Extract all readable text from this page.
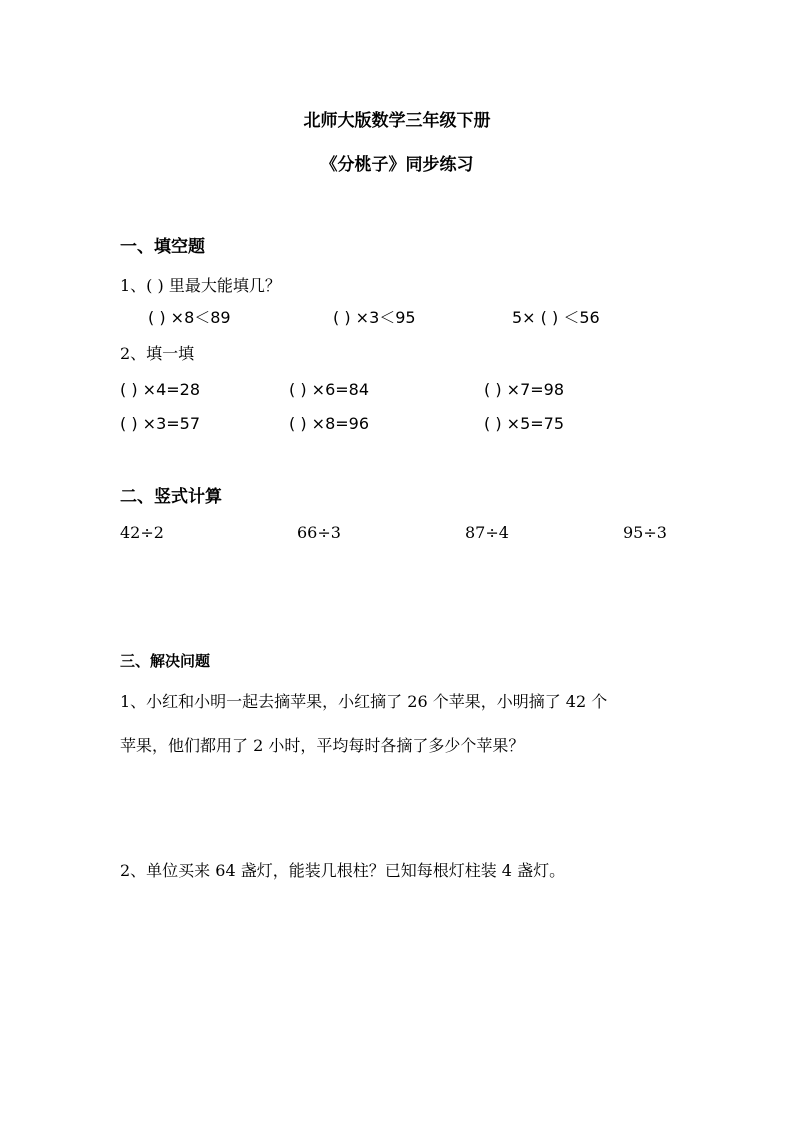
北师大版数学三年级下册
《分桃子》同步练习
一、填空题
1、( ) 里最大能填几？
( ) ×8＜89	( ) ×3＜95	5× ( ) ＜56
2、填一填
( ) ×4=28	( ) ×6=84	( ) ×7=98
( ) ×3=57	( ) ×8=96	( ) ×5=75
二、竖式计算
42÷2	66÷3	87÷4	95÷3
三、解决问题
1、小红和小明一起去摘苹果，小红摘了 26 个苹果，小明摘了 42 个
苹果，他们都用了 2 小时，平均每时各摘了多少个苹果？
2、单位买来 64 盏灯，能装几根柱？已知每根灯柱装 4 盏灯。
